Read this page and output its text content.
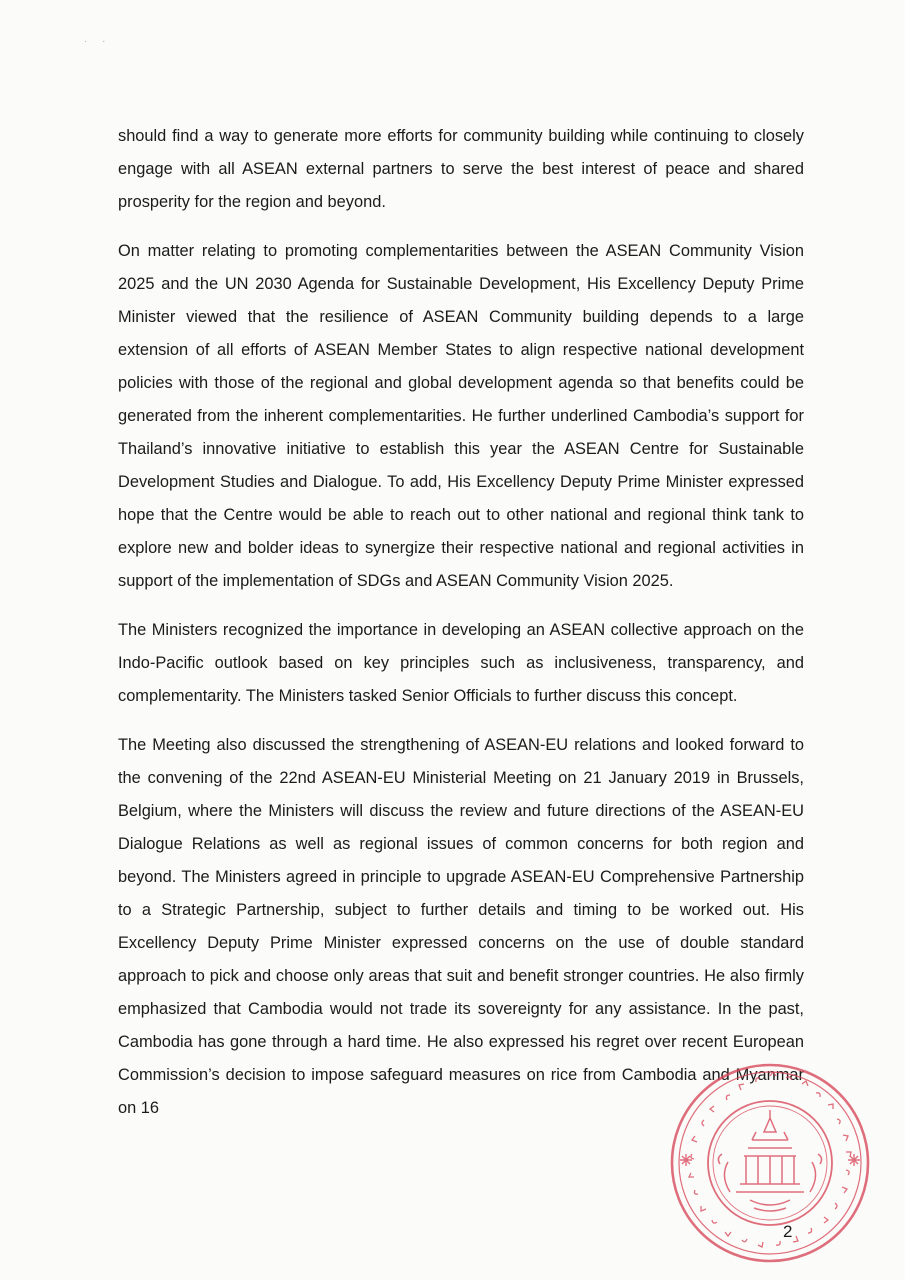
· ·

should find a way to generate more efforts for community building while continuing to closely engage with all ASEAN external partners to serve the best interest of peace and shared prosperity for the region and beyond.

On matter relating to promoting complementarities between the ASEAN Community Vision 2025 and the UN 2030 Agenda for Sustainable Development, His Excellency Deputy Prime Minister viewed that the resilience of ASEAN Community building depends to a large extension of all efforts of ASEAN Member States to align respective national development policies with those of the regional and global development agenda so that benefits could be generated from the inherent complementarities. He further underlined Cambodia’s support for Thailand’s innovative initiative to establish this year the ASEAN Centre for Sustainable Development Studies and Dialogue. To add, His Excellency Deputy Prime Minister expressed hope that the Centre would be able to reach out to other national and regional think tank to explore new and bolder ideas to synergize their respective national and regional activities in support of the implementation of SDGs and ASEAN Community Vision 2025.

The Ministers recognized the importance in developing an ASEAN collective approach on the Indo-Pacific outlook based on key principles such as inclusiveness, transparency, and complementarity. The Ministers tasked Senior Officials to further discuss this concept.

The Meeting also discussed the strengthening of ASEAN-EU relations and looked forward to the convening of the 22nd ASEAN-EU Ministerial Meeting on 21 January 2019 in Brussels, Belgium, where the Ministers will discuss the review and future directions of the ASEAN-EU Dialogue Relations as well as regional issues of common concerns for both region and beyond. The Ministers agreed in principle to upgrade ASEAN-EU Comprehensive Partnership to a Strategic Partnership, subject to further details and timing to be worked out. His Excellency Deputy Prime Minister expressed concerns on the use of double standard approach to pick and choose only areas that suit and benefit stronger countries. He also firmly emphasized that Cambodia would not trade its sovereignty for any assistance. In the past, Cambodia has gone through a hard time. He also expressed his regret over recent European Commission’s decision to impose safeguard measures on rice from Cambodia and Myanmar on 16

2
